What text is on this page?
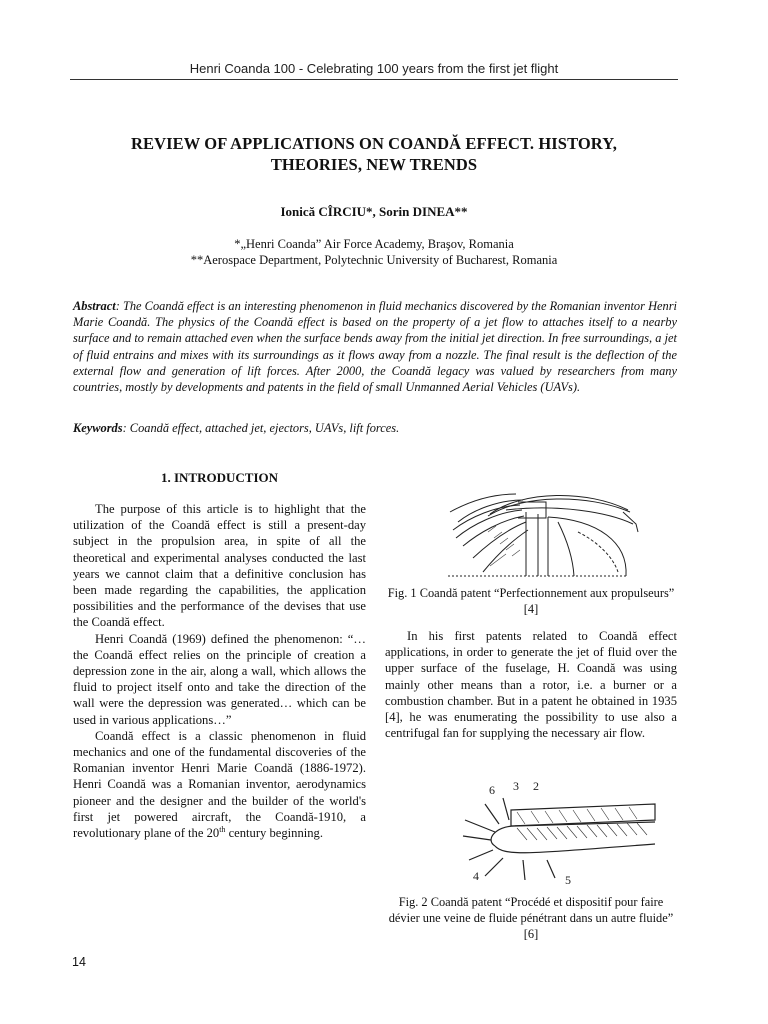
Henri Coanda 100 - Celebrating 100 years from the first jet flight
REVIEW OF APPLICATIONS ON COANDĂ EFFECT. HISTORY,
THEORIES, NEW TRENDS
Ionică CÎRCIU*, Sorin DINEA**
*„Henri Coanda” Air Force Academy, Braşov, Romania
**Aerospace Department, Polytechnic University of Bucharest, Romania
Abstract: The Coandă effect is an interesting phenomenon in fluid mechanics discovered by the Romanian inventor Henri Marie Coandă. The physics of the Coandă effect is based on the property of a jet flow to attaches itself to a nearby surface and to remain attached even when the surface bends away from the initial jet direction. In free surroundings, a jet of fluid entrains and mixes with its surroundings as it flows away from a nozzle. The final result is the deflection of the external flow and generation of lift forces. After 2000, the Coandă legacy was valued by researchers from many countries, mostly by developments and patents in the field of small Unmanned Aerial Vehicles (UAVs).
Keywords: Coandă effect, attached jet, ejectors, UAVs, lift forces.
1. INTRODUCTION

The purpose of this article is to highlight that the utilization of the Coandă effect is still a present-day subject in the propulsion area, in spite of all the theoretical and experimental analyses conducted the last years we cannot claim that a definitive conclusion has been made regarding the capabilities, the application possibilities and the performance of the devises that use the Coandă effect.

Henri Coandă (1969) defined the phenomenon: “… the Coandă effect relies on the principle of creation a depression zone in the air, along a wall, which allows the fluid to project itself onto and take the direction of the wall were the depression was generated… which can be used in various applications…”

Coandă effect is a classic phenomenon in fluid mechanics and one of the fundamental discoveries of the Romanian inventor Henri Marie Coandă (1886-1972). Henri Coandă was a Romanian inventor, aerodynamics pioneer and the designer and the builder of the world's first jet powered aircraft, the Coandă-1910, a revolutionary plane of the 20th century beginning.

Fig. 1 Coandă patent “Perfectionnement aux propulseurs” [4]

In his first patents related to Coandă effect applications, in order to generate the jet of fluid over the upper surface of the fuselage, H. Coandă was using mainly other means than a rotor, i.e. a burner or a combustion chamber. But in a patent he obtained in 1935 [4], he was enumerating the possibility to use also a centrifugal fan for supplying the necessary air flow.

6 3 2
4	5
Fig. 2 Coandă patent “Procédé et dispositif pour faire dévier une veine de fluide pénétrant dans un autre fluide” [6]
14
